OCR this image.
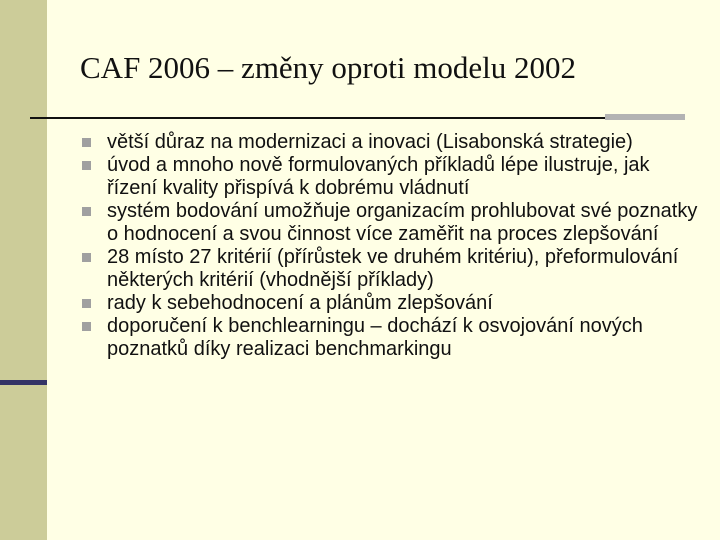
CAF 2006 – změny oproti modelu 2002
větší důraz na modernizaci a inovaci (Lisabonská strategie)
úvod a mnoho nově formulovaných příkladů lépe ilustruje, jak řízení kvality přispívá k dobrému vládnutí
systém bodování umožňuje organizacím prohlubovat své poznatky o hodnocení a svou činnost více zaměřit na proces zlepšování
28 místo 27 kritérií (přírůstek ve druhém kritériu), přeformulování některých kritérií (vhodnější příklady)
rady k sebehodnocení a plánům zlepšování
doporučení k benchlearningu – dochází k osvojování nových poznatků díky realizaci benchmarkingu
